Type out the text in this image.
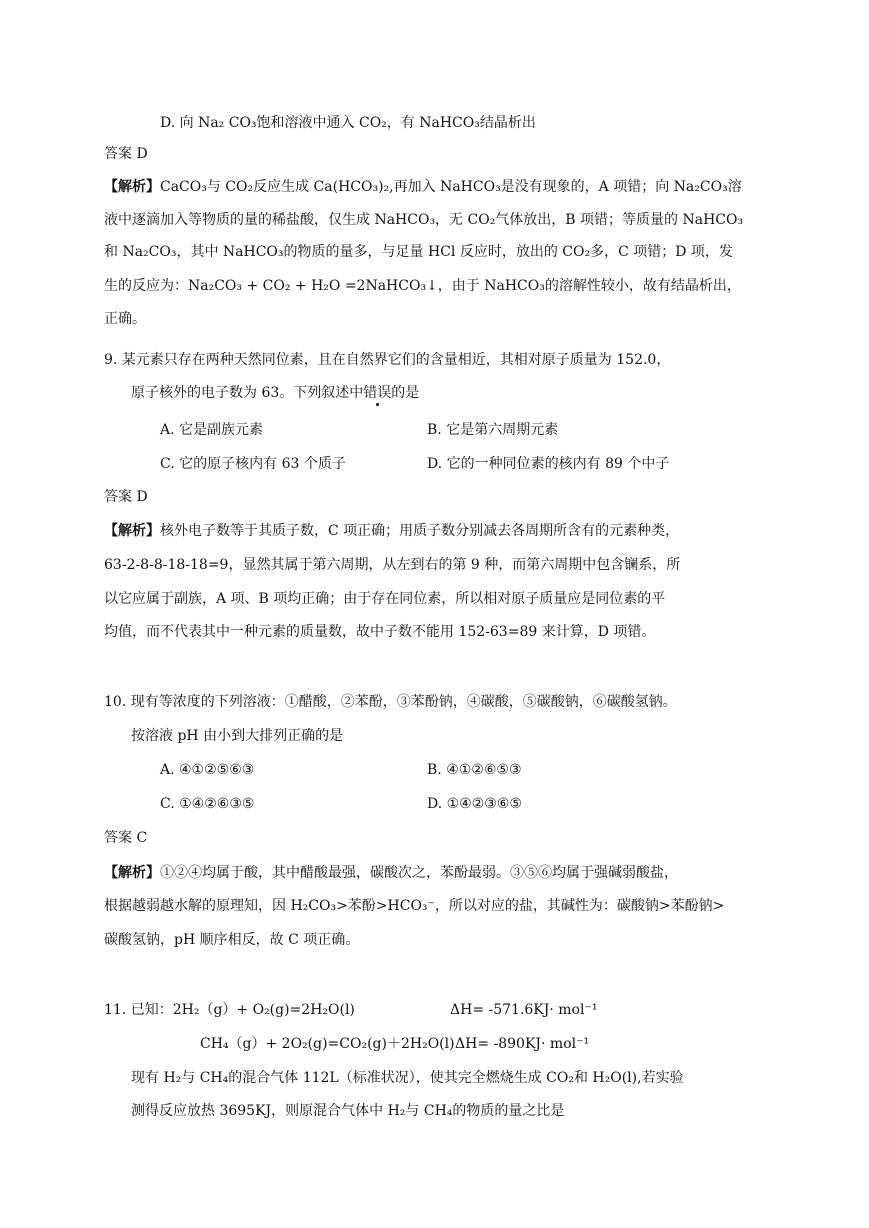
D. 向 Na₂ CO₃饱和溶液中通入 CO₂，有 NaHCO₃结晶析出
答案 D
【解析】CaCO₃与 CO₂反应生成 Ca(HCO₃)₂,再加入 NaHCO₃是没有现象的，A 项错；向 Na₂CO₃溶
液中逐滴加入等物质的量的稀盐酸，仅生成 NaHCO₃，无 CO₂气体放出，B 项错；等质量的 NaHCO₃
和 Na₂CO₃，其中 NaHCO₃的物质的量多，与足量 HCl 反应时，放出的 CO₂多，C 项错；D 项，发
生的反应为：Na₂CO₃ + CO₂ + H₂O =2NaHCO₃↓，由于 NaHCO₃的溶解性较小，故有结晶析出，
正确。
9. 某元素只存在两种天然同位素，且在自然界它们的含量相近，其相对原子质量为 152.0，
原子核外的电子数为 63。下列叙述中错误的是
A. 它是副族元素	B. 它是第六周期元素
C. 它的原子核内有 63 个质子	D. 它的一种同位素的核内有 89 个中子
答案 D
【解析】核外电子数等于其质子数，C 项正确；用质子数分别减去各周期所含有的元素种类，
63-2-8-8-18-18=9，显然其属于第六周期，从左到右的第 9 种，而第六周期中包含镧系，所
以它应属于副族，A 项、B 项均正确；由于存在同位素，所以相对原子质量应是同位素的平
均值，而不代表其中一种元素的质量数，故中子数不能用 152-63=89 来计算，D 项错。
10. 现有等浓度的下列溶液：①醋酸，②苯酚，③苯酚钠，④碳酸，⑤碳酸钠，⑥碳酸氢钠。
按溶液 pH 由小到大排列正确的是
A. ④①②⑤⑥③	B. ④①②⑥⑤③
C. ①④②⑥③⑤	D. ①④②③⑥⑤
答案 C
【解析】①②④均属于酸，其中醋酸最强，碳酸次之，苯酚最弱。③⑤⑥均属于强碱弱酸盐，
根据越弱越水解的原理知，因 H₂CO₃>苯酚>HCO₃⁻，所以对应的盐，其碱性为：碳酸钠>苯酚钠>
碳酸氢钠，pH 顺序相反，故 C 项正确。
11. 已知：2H₂（g）+ O₂(g)=2H₂O(l)	ΔH= -571.6KJ· mol⁻¹
CH₄（g）+ 2O₂(g)=CO₂(g)＋2H₂O(l) ΔH= -890KJ· mol⁻¹
现有 H₂与 CH₄的混合气体 112L（标准状况），使其完全燃烧生成 CO₂和 H₂O(l),若实验
测得反应放热 3695KJ，则原混合气体中 H₂与 CH₄的物质的量之比是
